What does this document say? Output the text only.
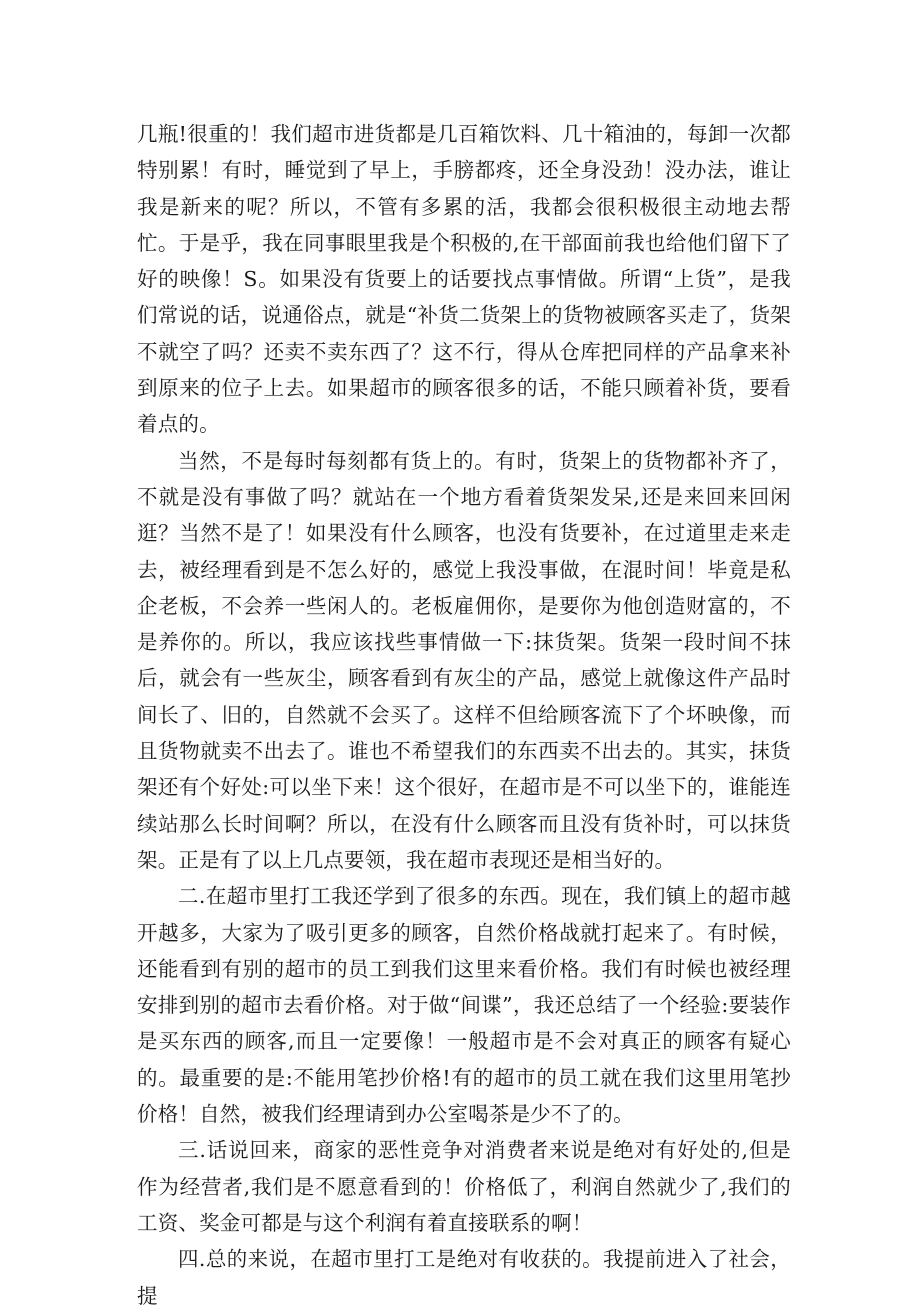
几瓶!很重的！我们超市进货都是几百箱饮料、几十箱油的，每卸一次都特别累！有时，睡觉到了早上，手膀都疼，还全身没劲！没办法，谁让我是新来的呢？所以，不管有多累的活，我都会很积极很主动地去帮忙。于是乎，我在同事眼里我是个积极的,在干部面前我也给他们留下了好的映像！S。如果没有货要上的话要找点事情做。所谓“上货”，是我们常说的话，说通俗点，就是“补货二货架上的货物被顾客买走了，货架不就空了吗？还卖不卖东西了？这不行，得从仓库把同样的产品拿来补到原来的位子上去。如果超市的顾客很多的话，不能只顾着补货，要看着点的。

当然，不是每时每刻都有货上的。有时，货架上的货物都补齐了，不就是没有事做了吗？就站在一个地方看着货架发呆,还是来回来回闲逛？当然不是了！如果没有什么顾客，也没有货要补，在过道里走来走去，被经理看到是不怎么好的，感觉上我没事做，在混时间！毕竟是私企老板，不会养一些闲人的。老板雇佣你，是要你为他创造财富的，不是养你的。所以，我应该找些事情做一下:抹货架。货架一段时间不抹后，就会有一些灰尘，顾客看到有灰尘的产品，感觉上就像这件产品时间长了、旧的，自然就不会买了。这样不但给顾客流下了个坏映像，而且货物就卖不出去了。谁也不希望我们的东西卖不出去的。其实，抹货架还有个好处:可以坐下来！这个很好，在超市是不可以坐下的，谁能连续站那么长时间啊？所以，在没有什么顾客而且没有货补时，可以抹货架。正是有了以上几点要领，我在超市表现还是相当好的。

二.在超市里打工我还学到了很多的东西。现在，我们镇上的超市越开越多，大家为了吸引更多的顾客，自然价格战就打起来了。有时候，还能看到有别的超市的员工到我们这里来看价格。我们有时候也被经理安排到别的超市去看价格。对于做“间谍”，我还总结了一个经验:要装作是买东西的顾客,而且一定要像！一般超市是不会对真正的顾客有疑心的。最重要的是:不能用笔抄价格!有的超市的员工就在我们这里用笔抄价格！自然，被我们经理请到办公室喝茶是少不了的。

三.话说回来，商家的恶性竞争对消费者来说是绝对有好处的,但是作为经营者,我们是不愿意看到的！价格低了，利润自然就少了,我们的工资、奖金可都是与这个利润有着直接联系的啊！

四.总的来说，在超市里打工是绝对有收获的。我提前进入了社会，提
